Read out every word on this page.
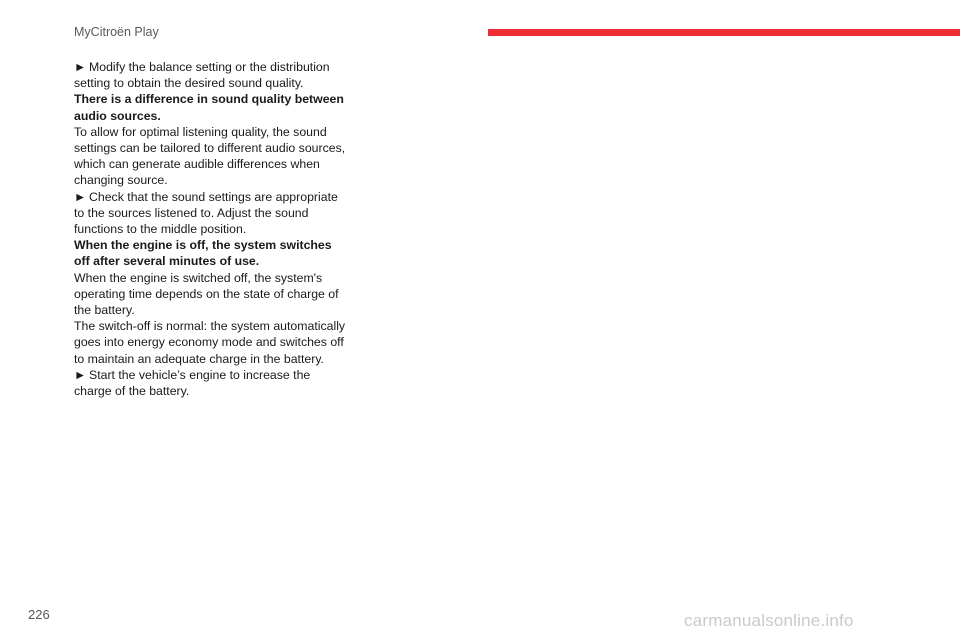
MyCitroën Play

► Modify the balance setting or the distribution setting to obtain the desired sound quality.

There is a difference in sound quality between audio sources.

To allow for optimal listening quality, the sound settings can be tailored to different audio sources, which can generate audible differences when changing source.

► Check that the sound settings are appropriate to the sources listened to. Adjust the sound functions to the middle position.

When the engine is off, the system switches off after several minutes of use.

When the engine is switched off, the system's operating time depends on the state of charge of the battery.

The switch-off is normal: the system automatically goes into energy economy mode and switches off to maintain an adequate charge in the battery.

► Start the vehicle’s engine to increase the charge of the battery.

226	carmanualsonline.info
